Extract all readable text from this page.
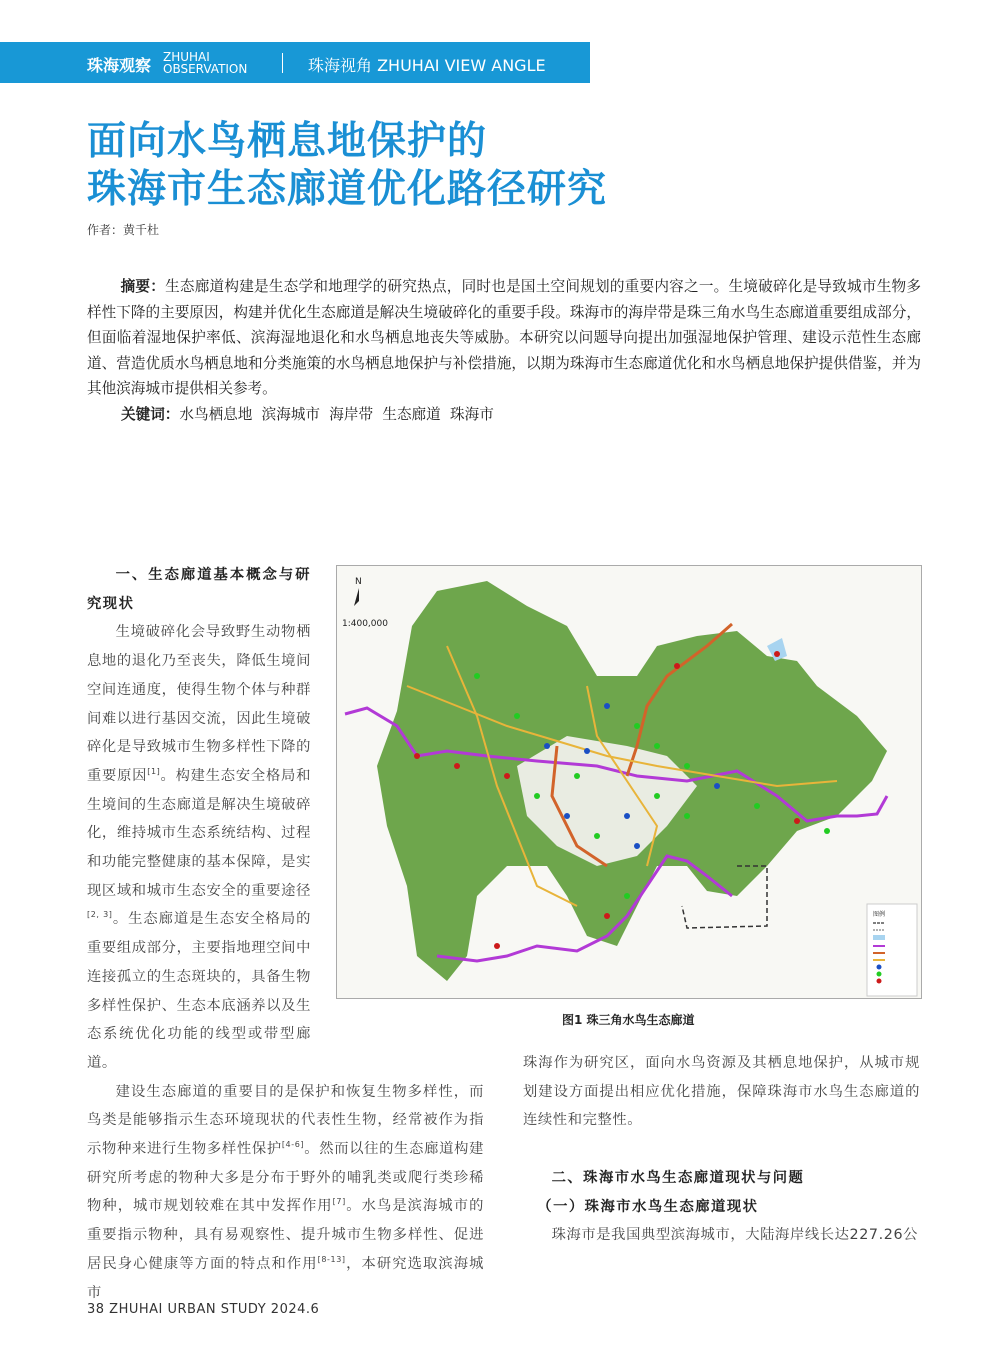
珠海观察 ZHUHAI
OBSERVATION	珠海视角 ZHUHAI VIEW ANGLE
面向水鸟栖息地保护的
珠海市生态廊道优化路径研究
作者：黄千杜
摘要：生态廊道构建是生态学和地理学的研究热点，同时也是国土空间规划的重要内容之一。生境破碎化是导致城市生物多样性下降的主要原因，构建并优化生态廊道是解决生境破碎化的重要手段。珠海市的海岸带是珠三角水鸟生态廊道重要组成部分，但面临着湿地保护率低、滨海湿地退化和水鸟栖息地丧失等威胁。本研究以问题导向提出加强湿地保护管理、建设示范性生态廊道、营造优质水鸟栖息地和分类施策的水鸟栖息地保护与补偿措施，以期为珠海市生态廊道优化和水鸟栖息地保护提供借鉴，并为其他滨海城市提供相关参考。
关键词：水鸟栖息地  滨海城市  海岸带  生态廊道  珠海市
一、生态廊道基本概念与研究现状

生境破碎化会导致野生动物栖息地的退化乃至丧失，降低生境间空间连通度，使得生物个体与种群间难以进行基因交流，因此生境破碎化是导致城市生物多样性下降的重要原因[1]。构建生态安全格局和生境间的生态廊道是解决生境破碎化，维持城市生态系统结构、过程和功能完整健康的基本保障，是实现区域和城市生态安全的重要途径[2, 3]。生态廊道是生态安全格局的重要组成部分，主要指地理空间中连接孤立的生态斑块的，具备生物多样性保护、生态本底涵养以及生态系统优化功能的线型或带型廊道。

建设生态廊道的重要目的是保护和恢复生物多样性，而鸟类是能够指示生态环境现状的代表性生物，经常被作为指示物种来进行生物多样性保护[4-6]。然而以往的生态廊道构建研究所考虑的物种大多是分布于野外的哺乳类或爬行类珍稀物种，城市规划较难在其中发挥作用[7]。水鸟是滨海城市的重要指示物种，具有易观察性、提升城市生物多样性、促进居民身心健康等方面的特点和作用[8-13]，本研究选取滨海城市

N
1:400,000
图例
图1 珠三角水鸟生态廊道
珠海作为研究区，面向水鸟资源及其栖息地保护，从城市规划建设方面提出相应优化措施，保障珠海市水鸟生态廊道的连续性和完整性。
二、珠海市水鸟生态廊道现状与问题
（一）珠海市水鸟生态廊道现状

珠海市是我国典型滨海城市，大陆海岸线长达227.26公

38 ZHUHAI URBAN STUDY 2024.6
